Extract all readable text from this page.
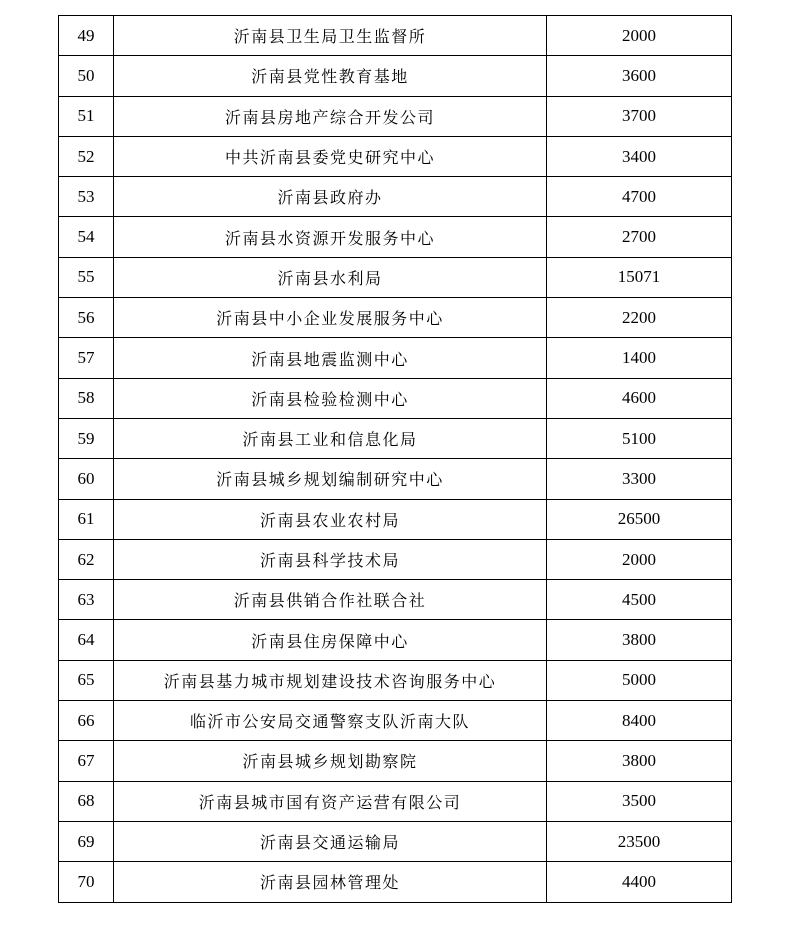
49	沂南县卫生局卫生监督所	2000
50	沂南县党性教育基地	3600
51	沂南县房地产综合开发公司	3700
52	中共沂南县委党史研究中心	3400
53	沂南县政府办	4700
54	沂南县水资源开发服务中心	2700
55	沂南县水利局	15071
56	沂南县中小企业发展服务中心	2200
57	沂南县地震监测中心	1400
58	沂南县检验检测中心	4600
59	沂南县工业和信息化局	5100
60	沂南县城乡规划编制研究中心	3300
61	沂南县农业农村局	26500
62	沂南县科学技术局	2000
63	沂南县供销合作社联合社	4500
64	沂南县住房保障中心	3800
65	沂南县基力城市规划建设技术咨询服务中心	5000
66	临沂市公安局交通警察支队沂南大队	8400
67	沂南县城乡规划勘察院	3800
68	沂南县城市国有资产运营有限公司	3500
69	沂南县交通运输局	23500
70	沂南县园林管理处	4400
